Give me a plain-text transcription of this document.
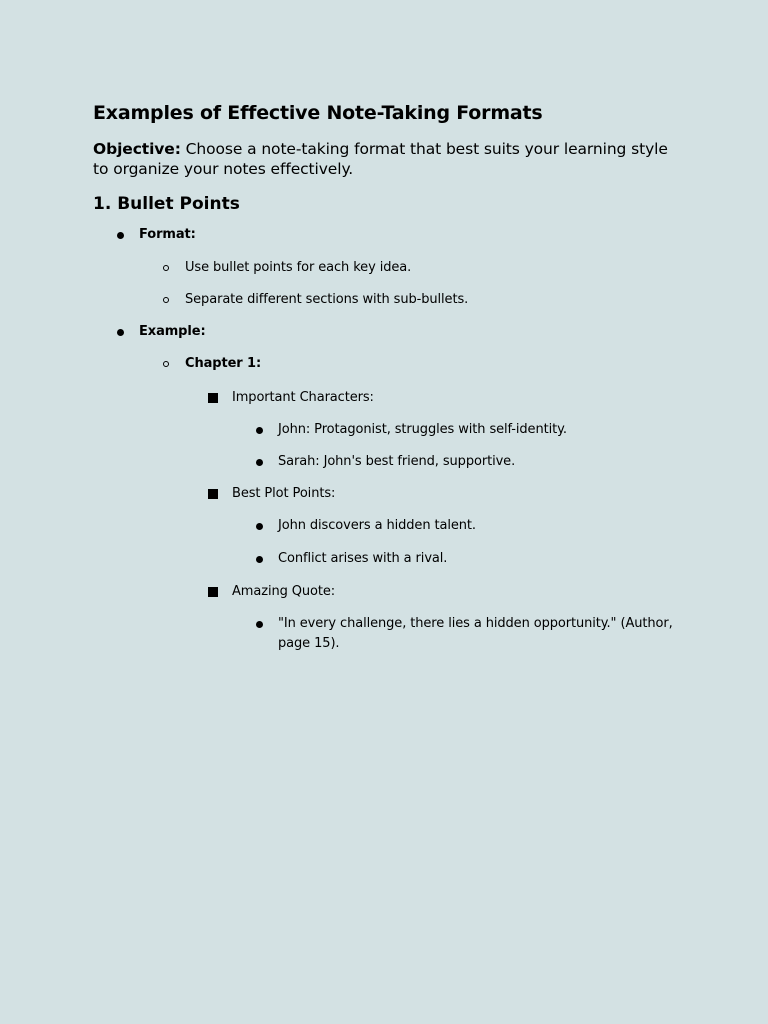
Examples of Effective Note-Taking Formats

Objective: Choose a note-taking format that best suits your learning style to organize your notes effectively.

1. Bullet Points
Format:
Use bullet points for each key idea.
Separate different sections with sub-bullets.
Example:
Chapter 1:
Important Characters:
John: Protagonist, struggles with self-identity.
Sarah: John's best friend, supportive.
Best Plot Points:
John discovers a hidden talent.
Conflict arises with a rival.
Amazing Quote:
"In every challenge, there lies a hidden opportunity." (Author, page 15).
